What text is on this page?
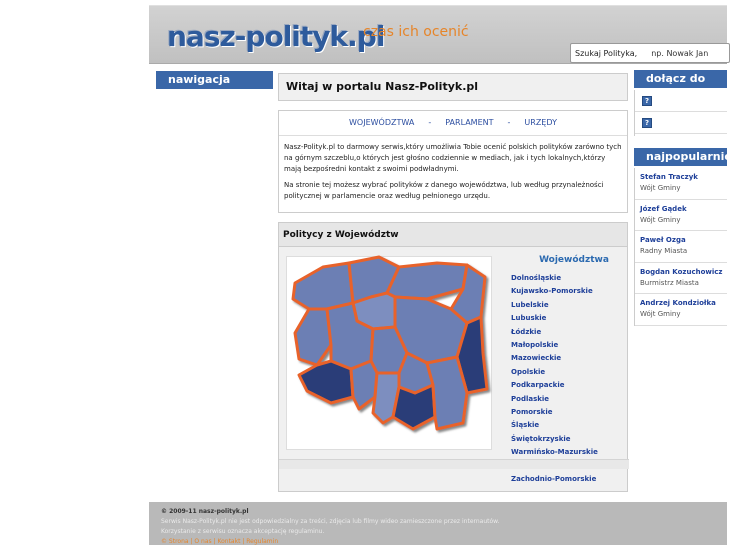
nasz-polityk.pl
czas ich ocenić
Szukaj Polityka, np. Nowak Jan
nawigacja
Witaj w portalu Nasz-Polityk.pl
WOJEWÓDZTWA - PARLAMENT - URZĘDY

Nasz-Polityk.pl to darmowy serwis,który umożliwia Tobie ocenić polskich polityków zarówno tych na górnym szczeblu,o których jest głośno codziennie w mediach, jak i tych lokalnych,którzy mają bezpośredni kontakt z swoimi podwładnymi.

Na stronie tej możesz wybrać polityków z danego województwa, lub według przynależności politycznej w parlamencie oraz według pełnionego urzędu.

Politycy z Województw
Województwa
Dolnośląskie
Kujawsko-Pomorskie
Lubelskie
Lubuskie
Łódzkie
Małopolskie
Mazowieckie
Opolskie
Podkarpackie
Podlaskie
Pomorskie
Śląskie
Świętokrzyskie
Warmińsko-Mazurskie
Zachodnio-Pomorskie
dołącz do
?
?
najpopularniejsi
Stefan Traczyk
Wójt Gminy
Józef Gądek
Wójt Gminy
Paweł Ozga
Radny Miasta
Bogdan Kozuchowicz
Burmistrz Miasta
Andrzej Kondziołka
Wójt Gminy
© 2009-11 nasz-polityk.pl
Serwis Nasz-Polityk.pl nie jest odpowiedzialny za treści, zdjęcia lub filmy wideo zamieszczone przez internautów.
Korzystanie z serwisu oznacza akceptację regulaminu.
© Strona | O nas | Kontakt | Regulamin
